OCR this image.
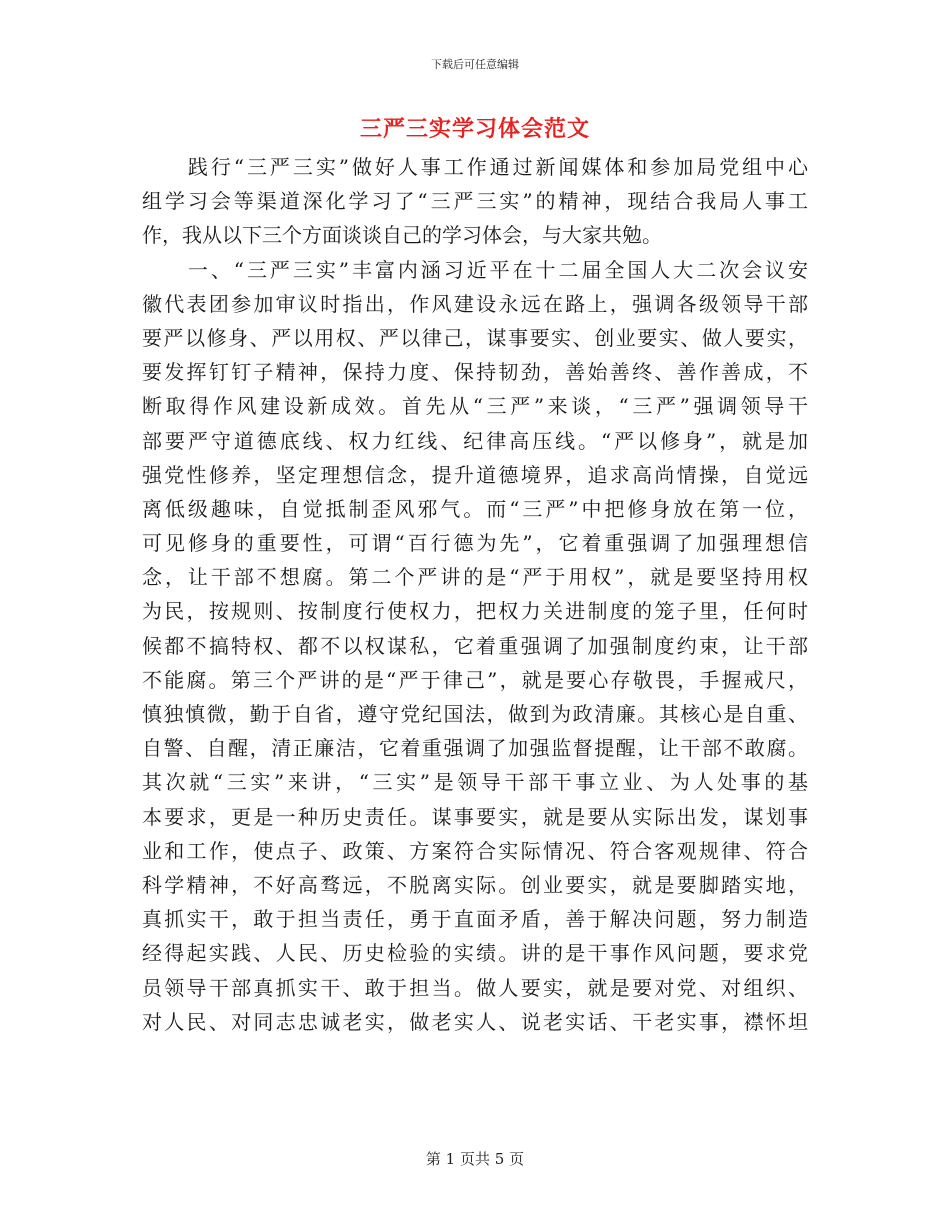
下载后可任意编辑

三严三实学习体会范文

　　践行“三严三实”做好人事工作通过新闻媒体和参加局党组中心

组学习会等渠道深化学习了“三严三实”的精神，现结合我局人事工

作，我从以下三个方面谈谈自己的学习体会，与大家共勉。

　　一、“三严三实”丰富内涵习近平在十二届全国人大二次会议安

徽代表团参加审议时指出，作风建设永远在路上，强调各级领导干部

要严以修身、严以用权、严以律己，谋事要实、创业要实、做人要实，

要发挥钉钉子精神，保持力度、保持韧劲，善始善终、善作善成，不

断取得作风建设新成效。首先从“三严”来谈，“三严”强调领导干

部要严守道德底线、权力红线、纪律高压线。“严以修身”，就是加

强党性修养，坚定理想信念，提升道德境界，追求高尚情操，自觉远

离低级趣味，自觉抵制歪风邪气。而“三严”中把修身放在第一位，

可见修身的重要性，可谓“百行德为先”，它着重强调了加强理想信

念，让干部不想腐。第二个严讲的是“严于用权”，就是要坚持用权

为民，按规则、按制度行使权力，把权力关进制度的笼子里，任何时

候都不搞特权、都不以权谋私，它着重强调了加强制度约束，让干部

不能腐。第三个严讲的是“严于律己”，就是要心存敬畏，手握戒尺，

慎独慎微，勤于自省，遵守党纪国法，做到为政清廉。其核心是自重、

自警、自醒，清正廉洁，它着重强调了加强监督提醒，让干部不敢腐。

其次就“三实”来讲，“三实”是领导干部干事立业、为人处事的基

本要求，更是一种历史责任。谋事要实，就是要从实际出发，谋划事

业和工作，使点子、政策、方案符合实际情况、符合客观规律、符合

科学精神，不好高骛远，不脱离实际。创业要实，就是要脚踏实地，

真抓实干，敢于担当责任，勇于直面矛盾，善于解决问题，努力制造

经得起实践、人民、历史检验的实绩。讲的是干事作风问题，要求党

员领导干部真抓实干、敢于担当。做人要实，就是要对党、对组织、

对人民、对同志忠诚老实，做老实人、说老实话、干老实事，襟怀坦

第 1 页共 5 页
